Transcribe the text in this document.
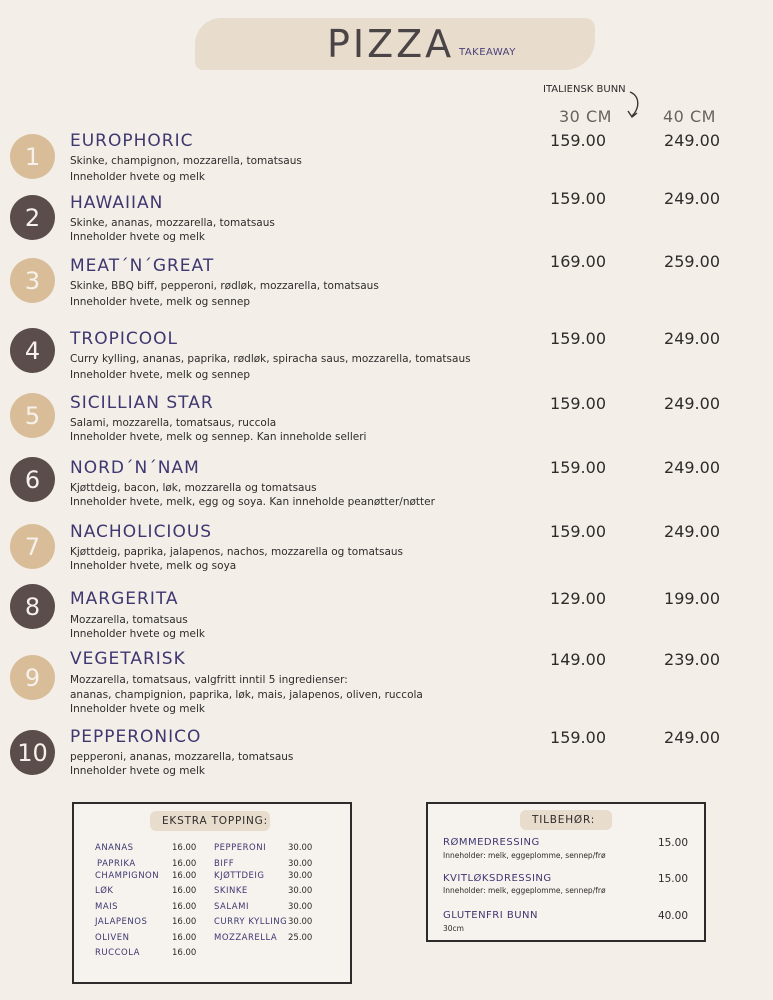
PIZZA TAKEAWAY
ITALIENSK BUNN
30 CM	40 CM
1
EUROPHORIC
Skinke, champignon, mozzarella, tomatsaus
Inneholder hvete og melk
159.00	249.00
2
HAWAIIAN
Skinke, ananas, mozzarella, tomatsaus
Inneholder hvete og melk
159.00	249.00
3
MEAT´N´GREAT
Skinke, BBQ biff, pepperoni, rødløk, mozzarella, tomatsaus
Inneholder hvete, melk og sennep
169.00	259.00
4	TROPICOOL
Curry kylling, ananas, paprika, rødløk, spiracha saus, mozzarella, tomatsaus
Inneholder hvete, melk og sennep
159.00	249.00
5	SICILLIAN STAR
Salami, mozzarella, tomatsaus, ruccola
Inneholder hvete, melk og sennep. Kan inneholde selleri
159.00	249.00
6	NORD´N´NAM
Kjøttdeig, bacon, løk, mozzarella og tomatsaus
Inneholder hvete, melk, egg og soya. Kan inneholde peanøtter/nøtter
159.00	249.00
7
NACHOLICIOUS
Kjøttdeig, paprika, jalapenos, nachos, mozzarella og tomatsaus
Inneholder hvete, melk og soya
159.00	249.00
8	MARGERITA
Mozzarella, tomatsaus
Inneholder hvete og melk
129.00	199.00
9
VEGETARISK
Mozzarella, tomatsaus, valgfritt inntil 5 ingredienser:
ananas, champignion, paprika, løk, mais, jalapenos, oliven, ruccola
Inneholder hvete og melk
149.00	239.00
10
PEPPERONICO
pepperoni, ananas, mozzarella, tomatsaus
Inneholder hvete og melk
159.00	249.00
EKSTRA TOPPING:
ANANAS	16.00
PAPRIKA	16.00
CHAMPIGNON 16.00
LØK	16.00
MAIS	16.00
JALAPENOS	16.00
OLIVEN	16.00
RUCCOLA	16.00
PEPPERONI	30.00
BIFF	30.00
KJØTTDEIG	30.00
SKINKE	30.00
SALAMI	30.00
CURRY KYLLING 30.00
MOZZARELLA 25.00
TILBEHØR:
RØMMEDRESSING
Inneholder: melk, eggeplomme, sennep/frø
15.00
KVITLØKSDRESSING
Inneholder: melk, eggeplomme, sennep/frø
15.00
GLUTENFRI BUNN
30cm
40.00
